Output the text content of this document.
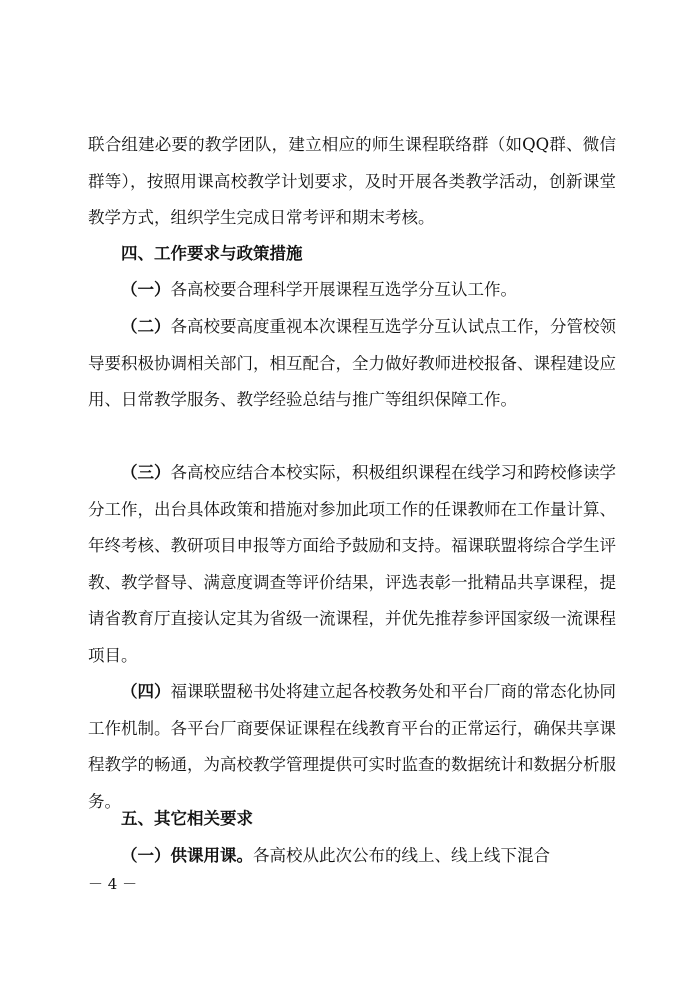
联合组建必要的教学团队，建立相应的师生课程联络群（如QQ群、微信群等），按照用课高校教学计划要求，及时开展各类教学活动，创新课堂教学方式，组织学生完成日常考评和期末考核。

四、工作要求与政策措施

（一）各高校要合理科学开展课程互选学分互认工作。

（二）各高校要高度重视本次课程互选学分互认试点工作，分管校领导要积极协调相关部门，相互配合，全力做好教师进校报备、课程建设应用、日常教学服务、教学经验总结与推广等组织保障工作。

（三）各高校应结合本校实际，积极组织课程在线学习和跨校修读学分工作，出台具体政策和措施对参加此项工作的任课教师在工作量计算、年终考核、教研项目申报等方面给予鼓励和支持。福课联盟将综合学生评教、教学督导、满意度调查等评价结果，评选表彰一批精品共享课程，提请省教育厅直接认定其为省级一流课程，并优先推荐参评国家级一流课程项目。

（四）福课联盟秘书处将建立起各校教务处和平台厂商的常态化协同工作机制。各平台厂商要保证课程在线教育平台的正常运行，确保共享课程教学的畅通，为高校教学管理提供可实时监查的数据统计和数据分析服务。

五、其它相关要求

（一）供课用课。各高校从此次公布的线上、线上线下混合

－ 4 －
